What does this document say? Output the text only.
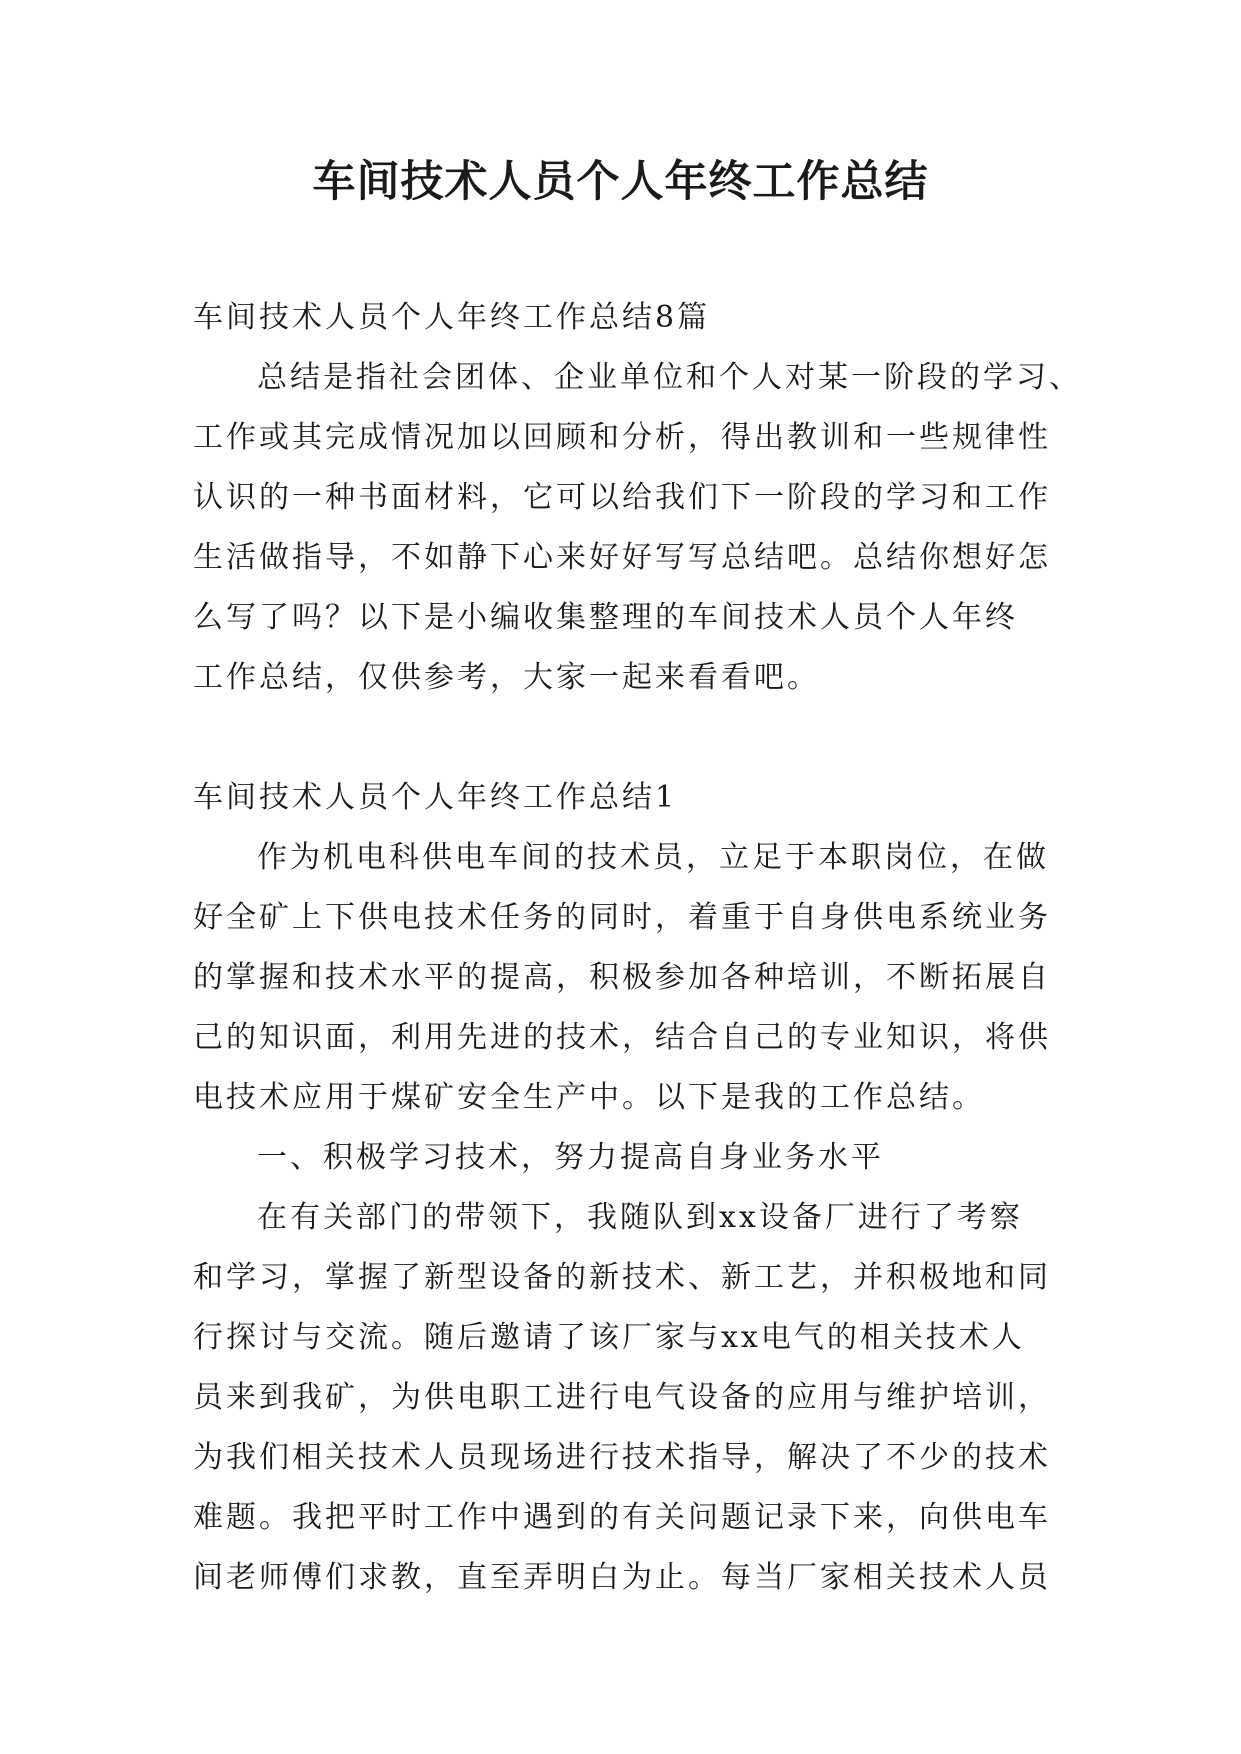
车间技术人员个人年终工作总结

车间技术人员个人年终工作总结8篇

总结是指社会团体、企业单位和个人对某一阶段的学习、

工作或其完成情况加以回顾和分析，得出教训和一些规律性

认识的一种书面材料，它可以给我们下一阶段的学习和工作

生活做指导，不如静下心来好好写写总结吧。总结你想好怎

么写了吗？以下是小编收集整理的车间技术人员个人年终

工作总结，仅供参考，大家一起来看看吧。

车间技术人员个人年终工作总结1

作为机电科供电车间的技术员，立足于本职岗位，在做

好全矿上下供电技术任务的同时，着重于自身供电系统业务

的掌握和技术水平的提高，积极参加各种培训，不断拓展自

己的知识面，利用先进的技术，结合自己的专业知识，将供

电技术应用于煤矿安全生产中。以下是我的工作总结。

一、积极学习技术，努力提高自身业务水平

在有关部门的带领下，我随队到xx设备厂进行了考察

和学习，掌握了新型设备的新技术、新工艺，并积极地和同

行探讨与交流。随后邀请了该厂家与xx电气的相关技术人

员来到我矿，为供电职工进行电气设备的应用与维护培训，

为我们相关技术人员现场进行技术指导，解决了不少的技术

难题。我把平时工作中遇到的有关问题记录下来，向供电车

间老师傅们求教，直至弄明白为止。每当厂家相关技术人员
